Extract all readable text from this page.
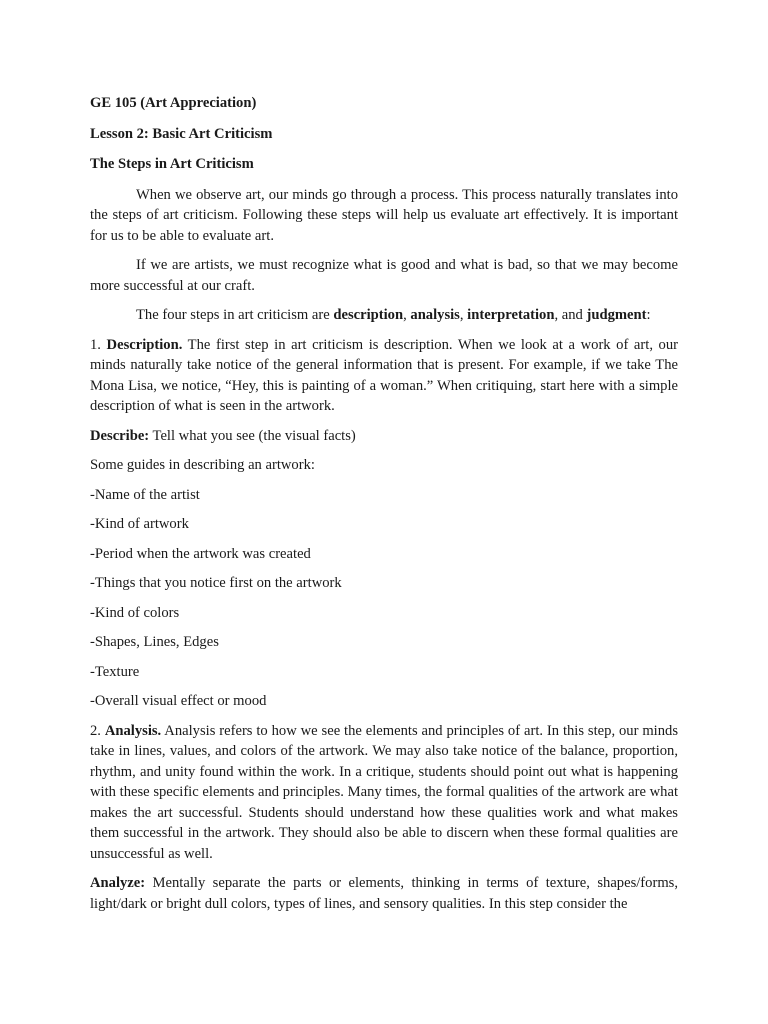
GE 105 (Art Appreciation)

Lesson 2: Basic Art Criticism

The Steps in Art Criticism

When we observe art, our minds go through a process. This process naturally translates into the steps of art criticism. Following these steps will help us evaluate art effectively. It is important for us to be able to evaluate art.

If we are artists, we must recognize what is good and what is bad, so that we may become more successful at our craft.

The four steps in art criticism are description, analysis, interpretation, and judgment:

1. Description. The first step in art criticism is description. When we look at a work of art, our minds naturally take notice of the general information that is present. For example, if we take The Mona Lisa, we notice, “Hey, this is painting of a woman.” When critiquing, start here with a simple description of what is seen in the artwork.

Describe: Tell what you see (the visual facts)

Some guides in describing an artwork:

-Name of the artist

-Kind of artwork

-Period when the artwork was created

-Things that you notice first on the artwork

-Kind of colors

-Shapes, Lines, Edges

-Texture

-Overall visual effect or mood

2. Analysis. Analysis refers to how we see the elements and principles of art. In this step, our minds take in lines, values, and colors of the artwork. We may also take notice of the balance, proportion, rhythm, and unity found within the work. In a critique, students should point out what is happening with these specific elements and principles. Many times, the formal qualities of the artwork are what makes the art successful. Students should understand how these qualities work and what makes them successful in the artwork. They should also be able to discern when these formal qualities are unsuccessful as well.

Analyze: Mentally separate the parts or elements, thinking in terms of texture, shapes/forms, light/dark or bright dull colors, types of lines, and sensory qualities. In this step consider the
